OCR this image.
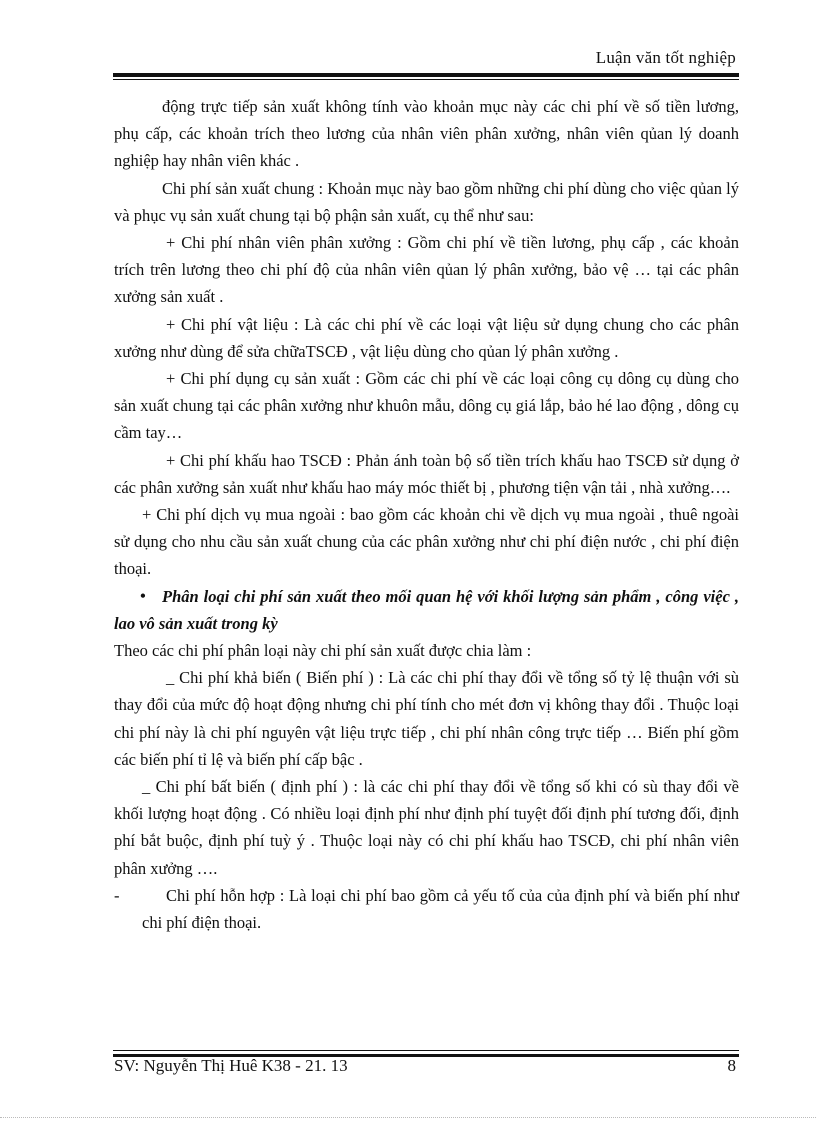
Luận văn tốt nghiệp

động trực tiếp sản xuất không tính vào khoản mục này các chi phí về số tiền lương, phụ cấp, các khoản trích theo lương của nhân viên phân xưởng, nhân viên qủan lý doanh nghiệp hay nhân viên khác .

Chi phí sản xuất chung : Khoản mục này bao gồm những chi phí dùng cho việc qủan lý và phục vụ sản xuất chung tại bộ phận sản xuất, cụ thể như sau:

+ Chi phí nhân viên phân xưởng : Gồm chi phí về tiền lương, phụ cấp , các khoản trích trên lương theo chi phí độ của nhân viên qủan lý phân xưởng, bảo vệ … tại các phân xưởng sản xuất .

+ Chi phí vật liệu : Là các chi phí về các loại vật liệu sử dụng chung cho các phân xưởng như dùng để sửa chữaTSCĐ , vật liệu dùng cho qủan lý phân xưởng .

+ Chi phí dụng cụ sản xuất : Gồm các chi phí về các loại công cụ dông cụ dùng cho sản xuất chung tại các phân xưởng như khuôn mẫu, dông cụ giá lắp, bảo hé lao động , dông cụ cầm tay…

+ Chi phí khấu hao TSCĐ : Phản ánh toàn bộ số tiền trích khấu hao TSCĐ sử dụng ở các phân xưởng sản xuất như khấu hao máy móc thiết bị , phương tiện vận tải , nhà xưởng….

+ Chi phí dịch vụ mua ngoài : bao gồm các khoản chi về dịch vụ mua ngoài , thuê ngoài sử dụng cho nhu cầu sản xuất chung của các phân xưởng như chi phí điện nước , chi phí điện thoại.

• Phân loại chi phí sản xuất theo mối quan hệ với khối lượng sản phẩm , công việc , lao vô sản xuất trong kỳ

Theo các chi phí phân loại này chi phí sản xuất được chia làm :

_ Chi phí khả biến ( Biến phí ) : Là các chi phí thay đổi về tổng số tỷ lệ thuận với sù thay đổi của mức độ hoạt động nhưng chi phí tính cho mét đơn vị không thay đổi . Thuộc loại chi phí này là chi phí nguyên vật liệu trực tiếp , chi phí nhân công trực tiếp … Biến phí gồm các biến phí tỉ lệ và biến phí cấp bậc .

_ Chi phí bất biến ( định phí ) : là các chi phí thay đổi về tổng số khi có sù thay đổi về khối lượng hoạt động . Có nhiều loại định phí như định phí tuyệt đối định phí tương đối, định phí bắt buộc, định phí tuỳ ý . Thuộc loại này có chi phí khấu hao TSCĐ, chi phí nhân viên phân xưởng ….

-	Chi phí hỗn hợp : Là loại chi phí bao gồm cả yếu tố của của định phí và biến phí như chi phí điện thoại.

SV: Nguyễn Thị Huê K38 - 21. 13	8
